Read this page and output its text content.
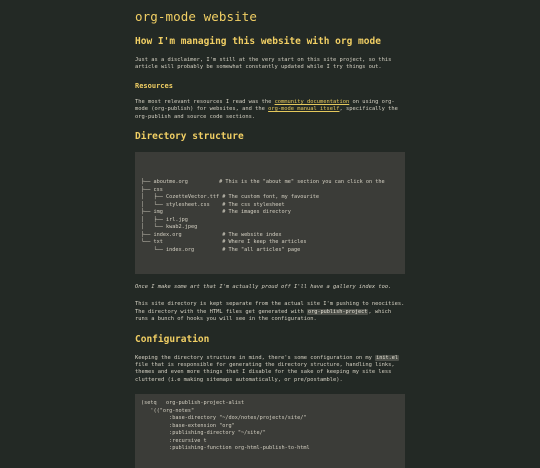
org-mode website
How I'm managing this website with org mode

Just as a disclaimer, I'm still at the very start on this site project, so this article will probably be somewhat constantly updated while I try things out.

Resources

The most relevant resources I read was the community documentation on using org-mode (org-publish) for websites, and the org-mode manual itself, specifically the org-publish and source code sections.

Directory structure
├── aboutme.org          # This is the "about me" section you can click on the
├── css
│   ├── CozetteVector.ttf # The custom font, my favourite
│   └── stylesheet.css    # The css stylesheet
├── img                   # The images directory
│   ├── irl.jpg
│   └── kwab2.jpeg
├── index.org             # The website index
└── txt                   # Where I keep the articles
└── index.org         # The "all articles" page

Once I make some art that I'm actually proud off I'll have a gallery index too.

This site directory is kept separate from the actual site I'm pushing to neocities. The directory with the HTML files get generated with org-publish-project, which runs a bunch of hooks you will see in the configuration.

Configuration

Keeping the directory structure in mind, there's some configuration on my init.el file that is responsible for generating the directory structure, handling links, themes and even more things that I disable for the sake of keeping my site less cluttered (i.e making sitemaps automatically, or pre/postamble).

(setq   org-publish-project-alist
'(("org-notes"
:base-directory "~/dox/notes/projects/site/"
:base-extension "org"
:publishing-directory "~/site/"
:recursive t
:publishing-function org-html-publish-to-html
